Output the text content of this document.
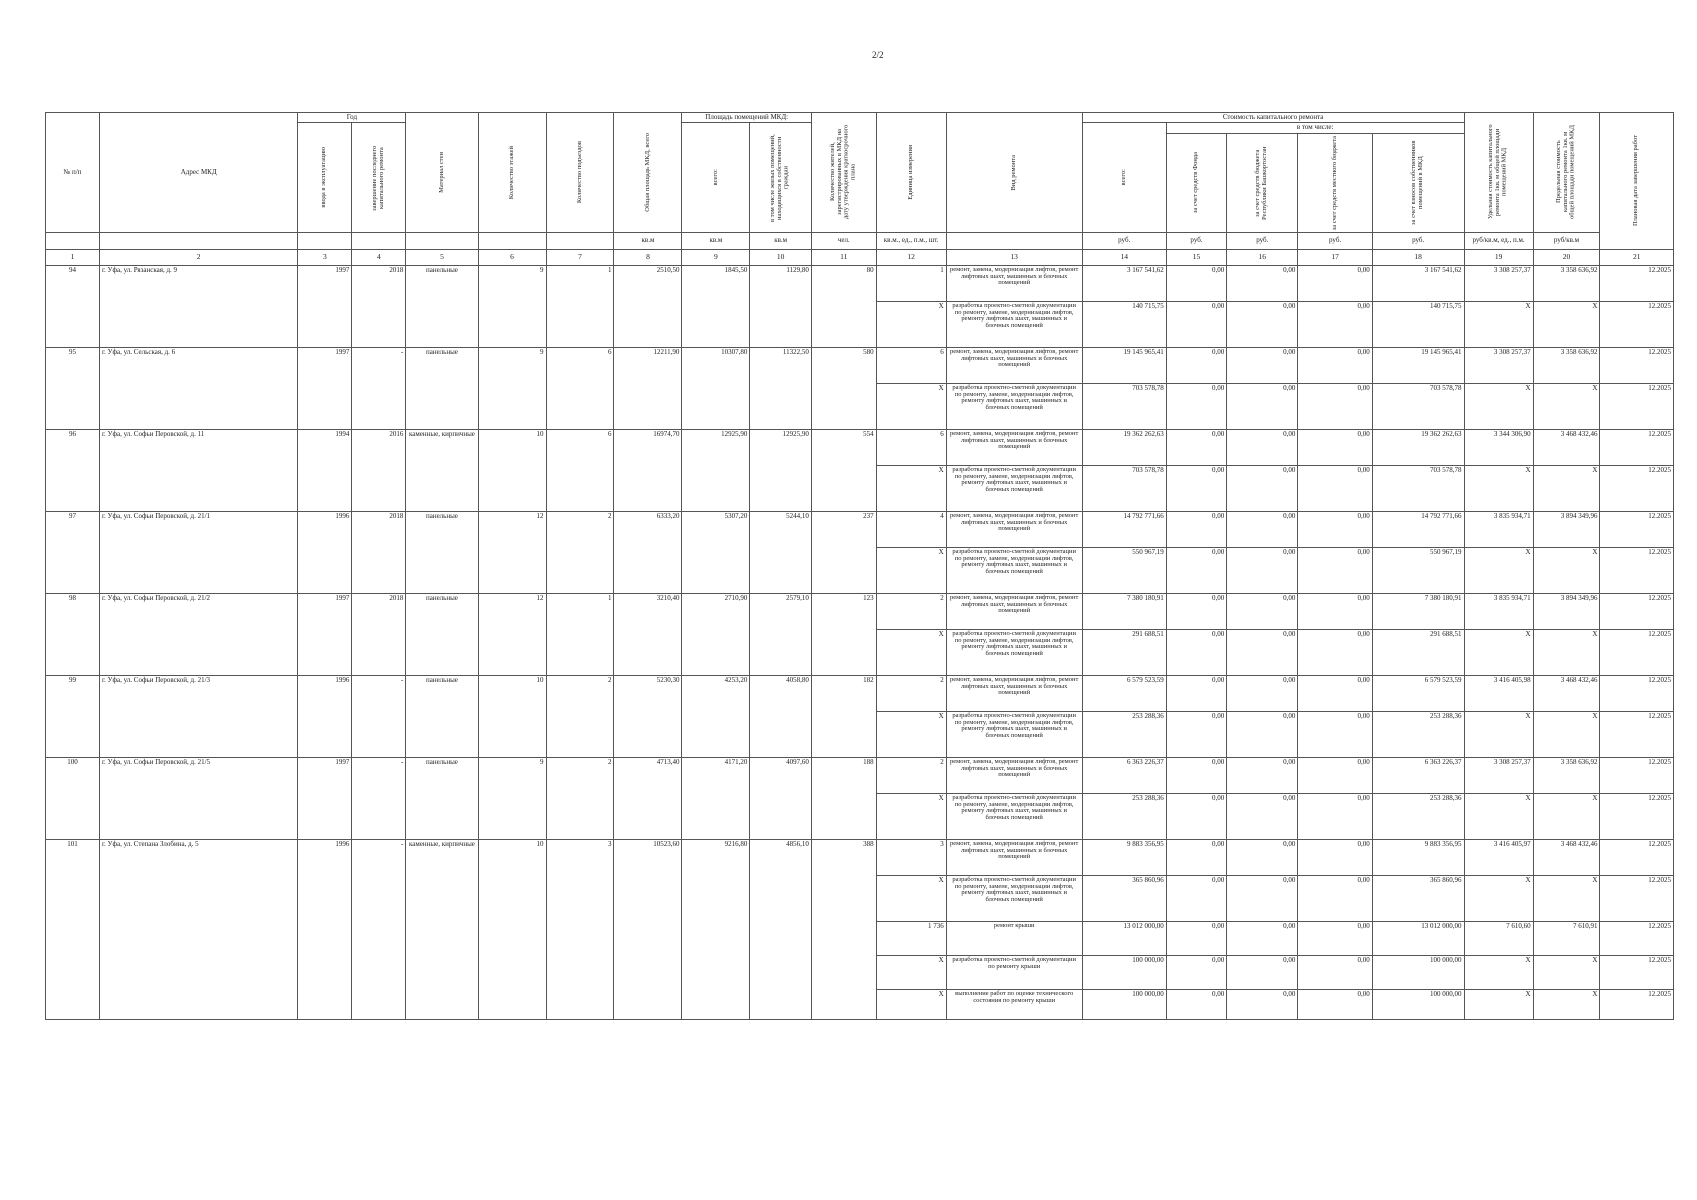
2/2
№ п/п	Адрес МКД	Год		Материал стен	Количество этажей	Количество подъездов	Общая площадь МКД, всего	Площадь помещений МКД:		Количество жителей, зарегистрированных в МКД на дату утверждения краткосрочного плана	Единица измерения	Вид ремонта	Стоимость капитального ремонта					Удельная стоимость капитального ремонта 1кв. м общей площади помещений МКД	Предельная стоимость капитального ремонта 1кв. м общей площади помещений МКД	Плановая дата завершения работ

		ввода в эксплуатацию	завершение последнего капитального ремонта					всего:	в том числе жилых помещений, находящихся в собственности граждан				всего:	в том числе:						

														за счет средств Фонда	за счет средств бюджета Республики Башкортостан	за счет средств местного бюджета	за счет взносов собственников помещений в МКД			

							кв.м	кв.м	кв.м	чел.	кв.м., ед., п.м., шт.		руб.	руб.	руб.	руб.	руб.	руб/кв.м, ед., п.м.	руб/кв.м	
1	2	3	4	5	6	7	8	9	10	11	12	13	14	15	16	17	18	19	20	21
94	г. Уфа, ул. Рязанская, д. 9	1997	2018	панельные	9	1	2510,50	1845,50	1129,80	80	1	ремонт, замена, модернизация лифтов, ремонт лифтовых шахт, машинных и блочных помещений	3 167 541,62	0,00	0,00	0,00	3 167 541,62	3 308 257,37	3 358 636,92	12.2025
											X	разработка проектно-сметной документации по ремонту, замене, модернизации лифтов, ремонту лифтовых шахт, машинных и блочных помещений	140 715,75	0,00	0,00	0,00	140 715,75	X	X	12.2025
95	г. Уфа, ул. Сельская, д. 6	1997	-	панельные	9	6	12211,90	10307,80	11322,50	580	6	ремонт, замена, модернизация лифтов, ремонт лифтовых шахт, машинных и блочных помещений	19 145 965,41	0,00	0,00	0,00	19 145 965,41	3 308 257,37	3 358 636,92	12.2025
											X	разработка проектно-сметной документации по ремонту, замене, модернизации лифтов, ремонту лифтовых шахт, машинных и блочных помещений	703 578,78	0,00	0,00	0,00	703 578,78	X	X	12.2025
96	г. Уфа, ул. Софьи Перовской, д. 11	1994	2016	каменные, кирпичные	10	6	16974,70	12925,90	12925,90	554	6	ремонт, замена, модернизация лифтов, ремонт лифтовых шахт, машинных и блочных помещений	19 362 262,63	0,00	0,00	0,00	19 362 262,63	3 344 306,90	3 468 432,46	12.2025
											X	разработка проектно-сметной документации по ремонту, замене, модернизации лифтов, ремонту лифтовых шахт, машинных и блочных помещений	703 578,78	0,00	0,00	0,00	703 578,78	X	X	12.2025
97	г. Уфа, ул. Софьи Перовской, д. 21/1	1996	2018	панельные	12	2	6333,20	5307,20	5244,10	237	4	ремонт, замена, модернизация лифтов, ремонт лифтовых шахт, машинных и блочных помещений	14 792 771,66	0,00	0,00	0,00	14 792 771,66	3 835 934,71	3 894 349,96	12.2025
											X	разработка проектно-сметной документации по ремонту, замене, модернизации лифтов, ремонту лифтовых шахт, машинных и блочных помещений	550 967,19	0,00	0,00	0,00	550 967,19	X	X	12.2025
98	г. Уфа, ул. Софьи Перовской, д. 21/2	1997	2018	панельные	12	1	3210,40	2710,90	2579,10	123	2	ремонт, замена, модернизация лифтов, ремонт лифтовых шахт, машинных и блочных помещений	7 380 180,91	0,00	0,00	0,00	7 380 180,91	3 835 934,71	3 894 349,96	12.2025
											X	разработка проектно-сметной документации по ремонту, замене, модернизации лифтов, ремонту лифтовых шахт, машинных и блочных помещений	291 688,51	0,00	0,00	0,00	291 688,51	X	X	12.2025
99	г. Уфа, ул. Софьи Перовской, д. 21/3	1996	-	панельные	10	2	5230,30	4253,20	4058,80	182	2	ремонт, замена, модернизация лифтов, ремонт лифтовых шахт, машинных и блочных помещений	6 579 523,59	0,00	0,00	0,00	6 579 523,59	3 416 405,98	3 468 432,46	12.2025
											X	разработка проектно-сметной документации по ремонту, замене, модернизации лифтов, ремонту лифтовых шахт, машинных и блочных помещений	253 288,36	0,00	0,00	0,00	253 288,36	X	X	12.2025
100	г. Уфа, ул. Софьи Перовской, д. 21/5	1997	-	панельные	9	2	4713,40	4171,20	4097,60	188	2	ремонт, замена, модернизация лифтов, ремонт лифтовых шахт, машинных и блочных помещений	6 363 226,37	0,00	0,00	0,00	6 363 226,37	3 308 257,37	3 358 636,92	12.2025
											X	разработка проектно-сметной документации по ремонту, замене, модернизации лифтов, ремонту лифтовых шахт, машинных и блочных помещений	253 288,36	0,00	0,00	0,00	253 288,36	X	X	12.2025
101	г. Уфа, ул. Степана Злобина, д. 5	1996	-	каменные, кирпичные	10	3	10523,60	9216,80	4856,10	388	3	ремонт, замена, модернизация лифтов, ремонт лифтовых шахт, машинных и блочных помещений	9 883 356,95	0,00	0,00	0,00	9 883 356,95	3 416 405,97	3 468 432,46	12.2025
											X	разработка проектно-сметной документации по ремонту, замене, модернизации лифтов, ремонту лифтовых шахт, машинных и блочных помещений	365 860,96	0,00	0,00	0,00	365 860,96	X	X	12.2025
											1 736	ремонт крыши	13 012 000,00	0,00	0,00	0,00	13 012 000,00	7 610,60	7 610,91	12.2025
											X	разработка проектно-сметной документации по ремонту крыши	100 000,00	0,00	0,00	0,00	100 000,00	X	X	12.2025
											X	выполнение работ по оценке технического состояния по ремонту крыши	100 000,00	0,00	0,00	0,00	100 000,00	X	X	12.2025
